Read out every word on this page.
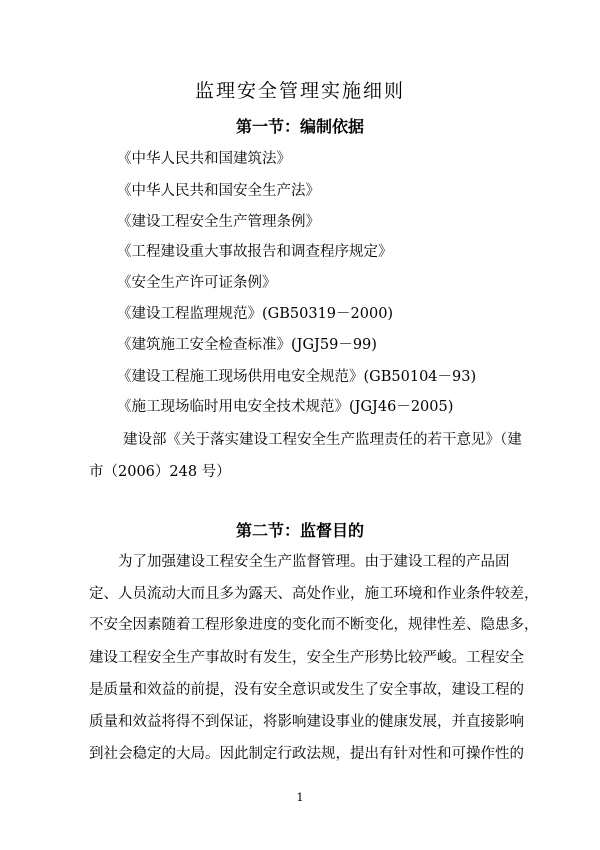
监理安全管理实施细则
第一节：编制依据
《中华人民共和国建筑法》
《中华人民共和国安全生产法》
《建设工程安全生产管理条例》
《工程建设重大事故报告和调查程序规定》
《安全生产许可证条例》
《建设工程监理规范》(GB50319－2000)
《建筑施工安全检查标准》(JGJ59－99)
《建设工程施工现场供用电安全规范》(GB50104－93)
《施工现场临时用电安全技术规范》(JGJ46－2005)
建设部《关于落实建设工程安全生产监理责任的若干意见》（建
市（2006）248 号）
第二节：监督目的
为了加强建设工程安全生产监督管理。由于建设工程的产品固
定、人员流动大而且多为露天、高处作业，施工环境和作业条件较差，
不安全因素随着工程形象进度的变化而不断变化，规律性差、隐患多，
建设工程安全生产事故时有发生，安全生产形势比较严峻。工程安全
是质量和效益的前提，没有安全意识或发生了安全事故，建设工程的
质量和效益将得不到保证，将影响建设事业的健康发展，并直接影响
到社会稳定的大局。因此制定行政法规，提出有针对性和可操作性的
1
